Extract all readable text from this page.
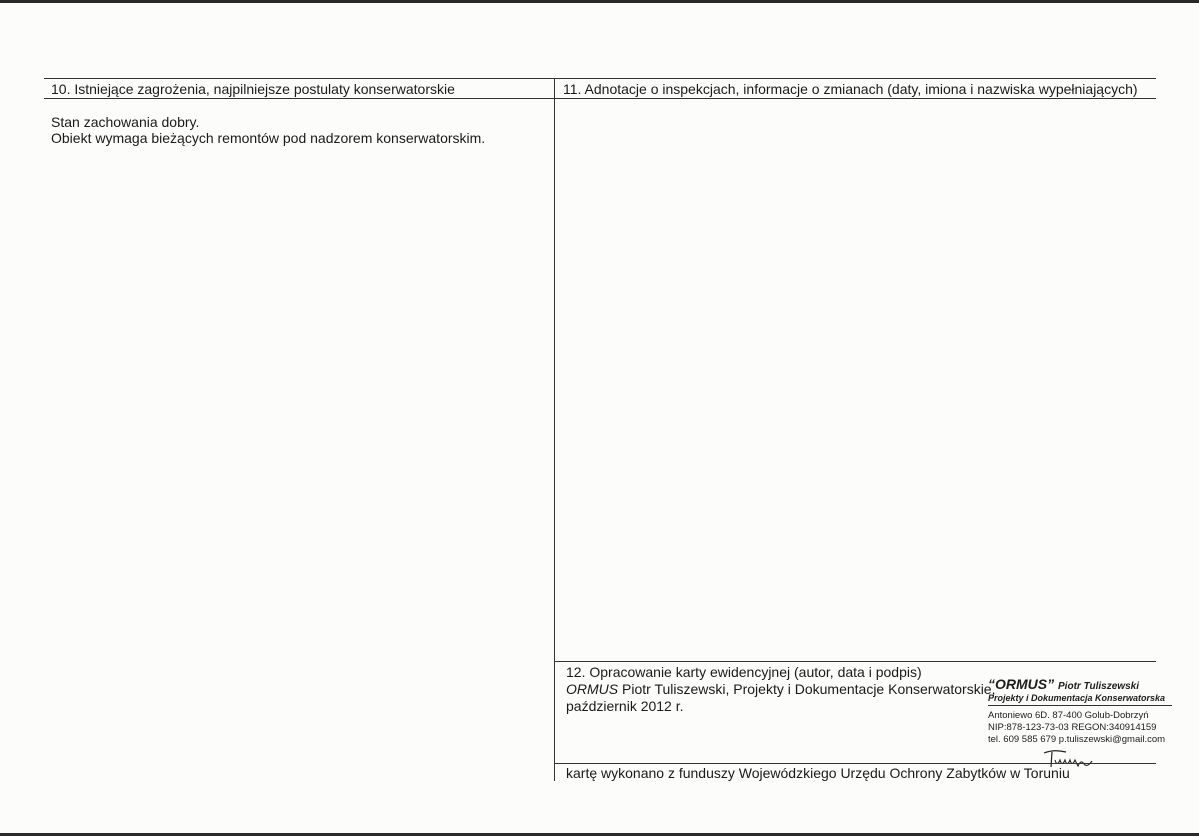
10. Istniejące zagrożenia, najpilniejsze postulaty konserwatorskie
Stan zachowania dobry.
Obiekt wymaga bieżących remontów pod nadzorem konserwatorskim.
11. Adnotacje o inspekcjach, informacje o zmianach (daty, imiona i nazwiska wypełniających)
12. Opracowanie karty ewidencyjnej (autor, data i podpis)
ORMUS Piotr Tuliszewski, Projekty i Dokumentacje Konserwatorskie,
październik 2012 r.
“ORMUS” Piotr Tuliszewski
Projekty i Dokumentacja Konserwatorska
Antoniewo 6D. 87-400 Golub-Dobrzyń
NIP:878-123-73-03 REGON:340914159
tel. 609 585 679 p.tuliszewski@gmail.com
kartę wykonano z funduszy Wojewódzkiego Urzędu Ochrony Zabytków w Toruniu
